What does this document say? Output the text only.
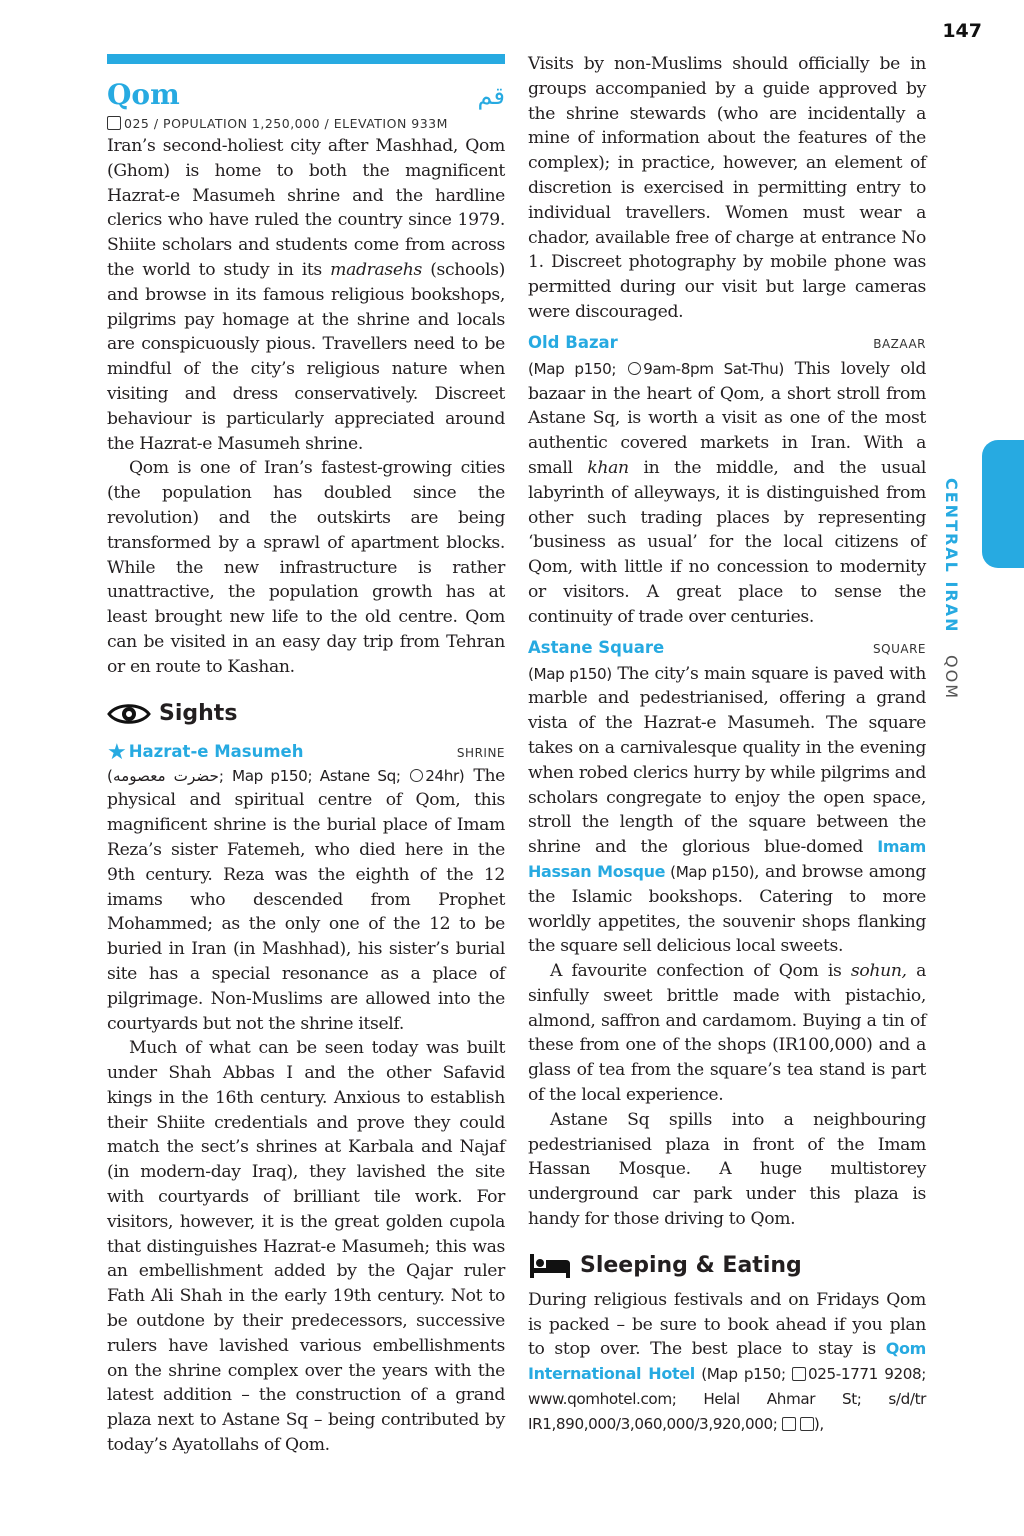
147
CENTRAL IRAN QOM
Qom	قم
025 / POPULATION 1,250,000 / ELEVATION 933M

Iran’s second-holiest city after Mashhad, Qom (Ghom) is home to both the magnificent Hazrat-e Masumeh shrine and the hardline clerics who have ruled the country since 1979. Shiite scholars and students come from across the world to study in its madrasehs (schools) and browse in its famous religious bookshops, pilgrims pay homage at the shrine and locals are conspicuously pious. Travellers need to be mindful of the city’s religious nature when visiting and dress conservatively. Discreet behaviour is particularly appreciated around the Hazrat-e Masumeh shrine.

Qom is one of Iran’s fastest-growing cities (the population has doubled since the revolution) and the outskirts are being transformed by a sprawl of apartment blocks. While the new infrastructure is rather unattractive, the population growth has at least brought new life to the old centre. Qom can be visited in an easy day trip from Tehran or en route to Kashan.

Sights
★ Hazrat-e Masumeh	SHRINE

(حضرت معصومه; Map p150; Astane Sq; 24hr) The physical and spiritual centre of Qom, this magnificent shrine is the burial place of Imam Reza’s sister Fatemeh, who died here in the 9th century. Reza was the eighth of the 12 imams who descended from Prophet Mohammed; as the only one of the 12 to be buried in Iran (in Mashhad), his sister’s burial site has a special resonance as a place of pilgrimage. Non-Muslims are allowed into the courtyards but not the shrine itself.

Much of what can be seen today was built under Shah Abbas I and the other Safavid kings in the 16th century. Anxious to establish their Shiite credentials and prove they could match the sect’s shrines at Karbala and Najaf (in modern-day Iraq), they lavished the site with courtyards of brilliant tile work. For visitors, however, it is the great golden cupola that distinguishes Hazrat-e Masumeh; this was an embellishment added by the Qajar ruler Fath Ali Shah in the early 19th century. Not to be outdone by their predecessors, successive rulers have lavished various embellishments on the shrine complex over the years with the latest addition – the construction of a grand plaza next to Astane Sq – being contributed by today’s Ayatollahs of Qom.

Visits by non-Muslims should officially be in groups accompanied by a guide approved by the shrine stewards (who are incidentally a mine of information about the features of the complex); in practice, however, an element of discretion is exercised in permitting entry to individual travellers. Women must wear a chador, available free of charge at entrance No 1. Discreet photography by mobile phone was permitted during our visit but large cameras were discouraged.

Old Bazar	BAZAAR

(Map p150; 9am-8pm Sat-Thu) This lovely old bazaar in the heart of Qom, a short stroll from Astane Sq, is worth a visit as one of the most authentic covered markets in Iran. With a small khan in the middle, and the usual labyrinth of alleyways, it is distinguished from other such trading places by representing ‘business as usual’ for the local citizens of Qom, with little if no concession to modernity or visitors. A great place to sense the continuity of trade over centuries.

Astane Square	SQUARE

(Map p150) The city’s main square is paved with marble and pedestrianised, offering a grand vista of the Hazrat-e Masumeh. The square takes on a carnivalesque quality in the evening when robed clerics hurry by while pilgrims and scholars congregate to enjoy the open space, stroll the length of the square between the shrine and the glorious blue-domed Imam Hassan Mosque (Map p150), and browse among the Islamic bookshops. Catering to more worldly appetites, the souvenir shops flanking the square sell delicious local sweets.

A favourite confection of Qom is sohun, a sinfully sweet brittle made with pistachio, almond, saffron and cardamom. Buying a tin of these from one of the shops (IR100,000) and a glass of tea from the square’s tea stand is part of the local experience.

Astane Sq spills into a neighbouring pedestrianised plaza in front of the Imam Hassan Mosque. A huge multistorey underground car park under this plaza is handy for those driving to Qom.

Sleeping & Eating

During religious festivals and on Fridays Qom is packed – be sure to book ahead if you plan to stop over. The best place to stay is Qom International Hotel (Map p150; 025-1771 9208; www.qomhotel.com; Helal Ahmar St; s/d/tr IR1,890,000/3,060,000/3,920,000; ),
